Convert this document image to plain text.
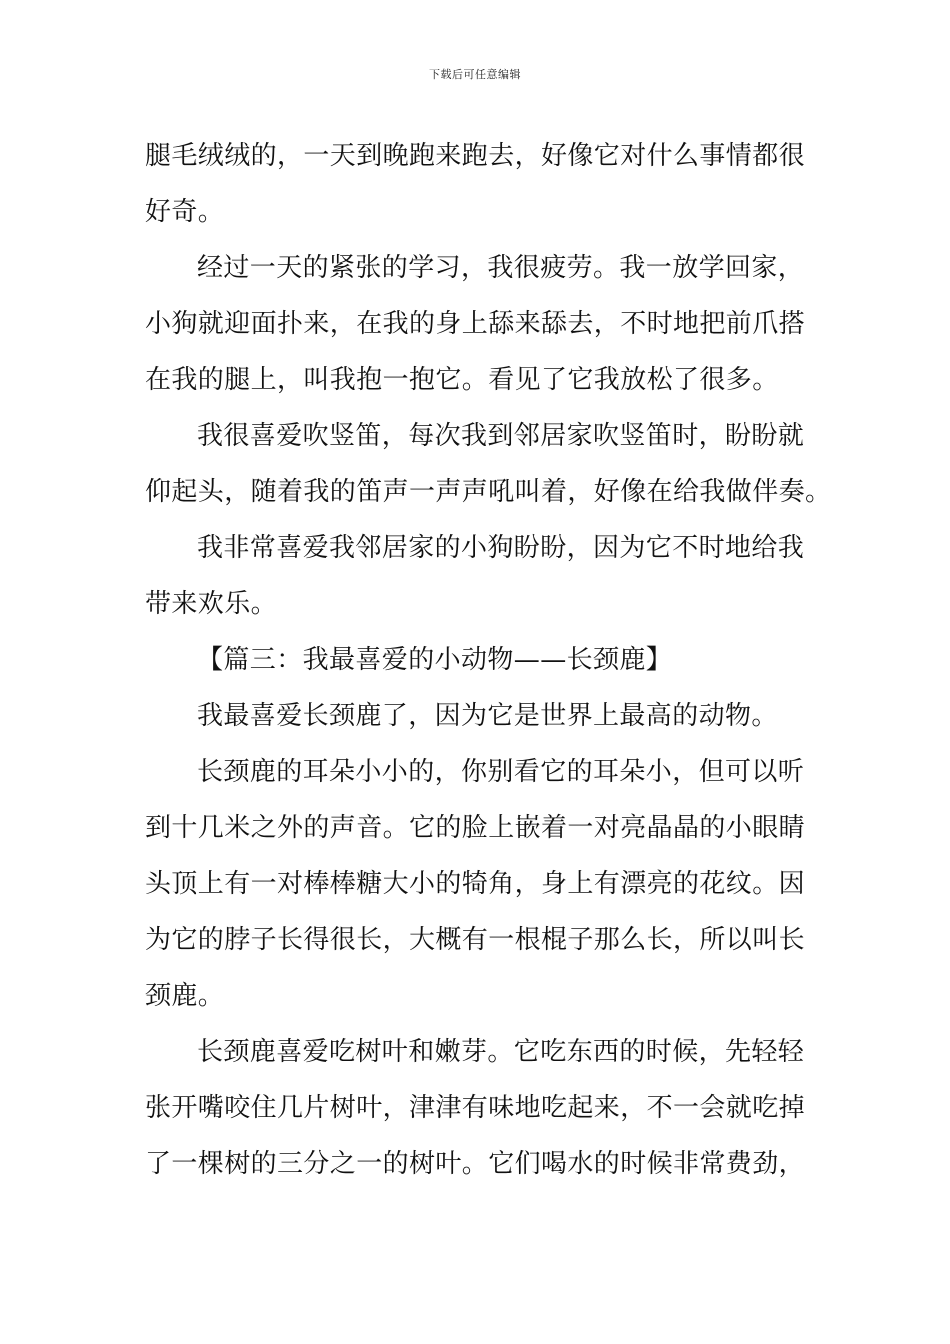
下载后可任意编辑
腿毛绒绒的，一天到晚跑来跑去，好像它对什么事情都很
好奇。
经过一天的紧张的学习，我很疲劳。我一放学回家，
小狗就迎面扑来，在我的身上舔来舔去，不时地把前爪搭
在我的腿上，叫我抱一抱它。看见了它我放松了很多。
我很喜爱吹竖笛，每次我到邻居家吹竖笛时，盼盼就
仰起头，随着我的笛声一声声吼叫着，好像在给我做伴奏。
我非常喜爱我邻居家的小狗盼盼，因为它不时地给我
带来欢乐。
【篇三：我最喜爱的小动物——长颈鹿】
我最喜爱长颈鹿了，因为它是世界上最高的动物。
长颈鹿的耳朵小小的，你别看它的耳朵小，但可以听
到十几米之外的声音。它的脸上嵌着一对亮晶晶的小眼睛
头顶上有一对棒棒糖大小的犄角，身上有漂亮的花纹。因
为它的脖子长得很长，大概有一根棍子那么长，所以叫长
颈鹿。
长颈鹿喜爱吃树叶和嫩芽。它吃东西的时候，先轻轻
张开嘴咬住几片树叶，津津有味地吃起来，不一会就吃掉
了一棵树的三分之一的树叶。它们喝水的时候非常费劲，
